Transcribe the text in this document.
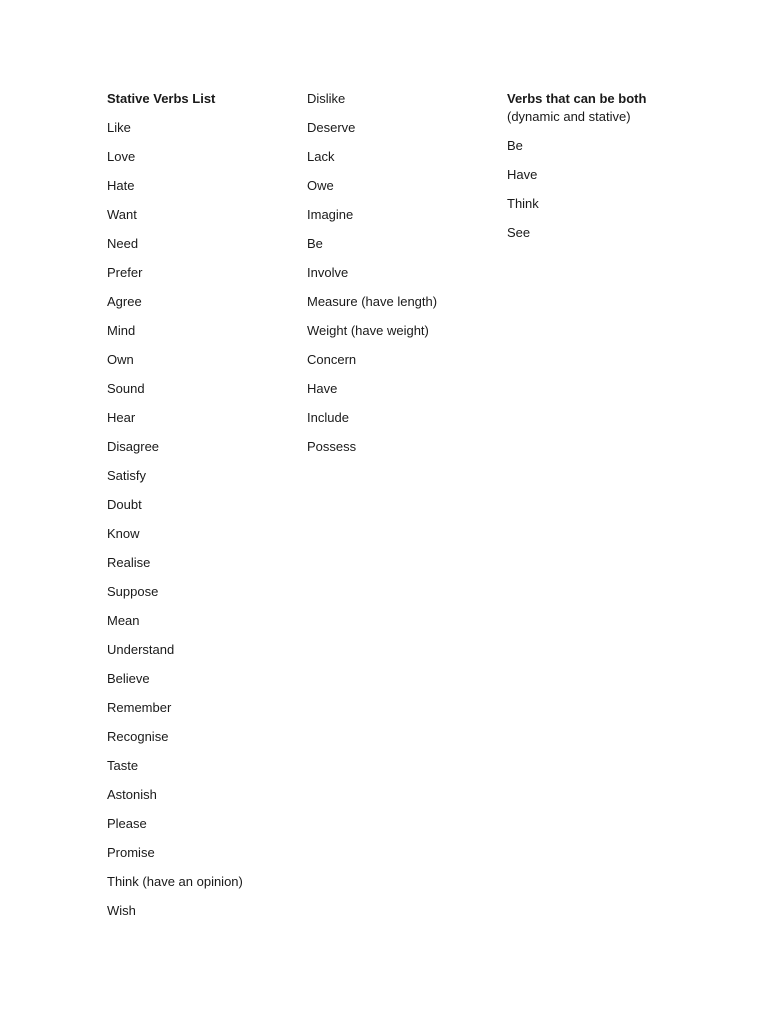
Stative Verbs List
Like
Love
Hate
Want
Need
Prefer
Agree
Mind
Own
Sound
Hear
Disagree
Satisfy
Doubt
Know
Realise
Suppose
Mean
Understand
Believe
Remember
Recognise
Taste
Astonish
Please
Promise
Think (have an opinion)
Wish
Dislike
Deserve
Lack
Owe
Imagine
Be
Involve
Measure (have length)
Weight (have weight)
Concern
Have
Include
Possess
Verbs that can be both
(dynamic and stative)
Be
Have
Think
See
